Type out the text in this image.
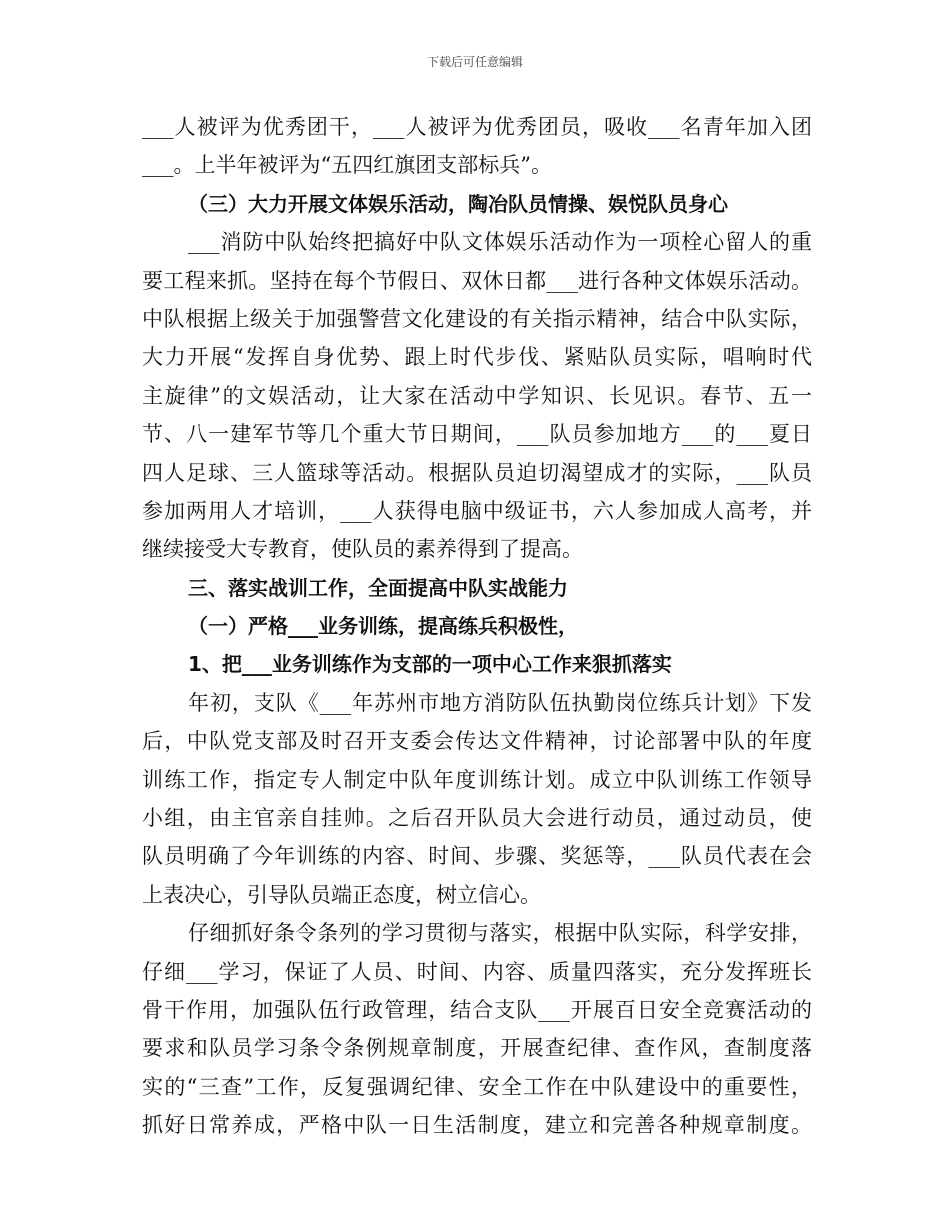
下载后可任意编辑
___人被评为优秀团干，___人被评为优秀团员，吸收___名青年加入团
___。上半年被评为“五四红旗团支部标兵”。
（三）大力开展文体娱乐活动，陶冶队员情操、娱悦队员身心
___消防中队始终把搞好中队文体娱乐活动作为一项栓心留人的重
要工程来抓。坚持在每个节假日、双休日都___进行各种文体娱乐活动。
中队根据上级关于加强警营文化建设的有关指示精神，结合中队实际，
大力开展“发挥自身优势、跟上时代步伐、紧贴队员实际，唱响时代
主旋律”的文娱活动，让大家在活动中学知识、长见识。春节、五一
节、八一建军节等几个重大节日期间，___队员参加地方___的___夏日
四人足球、三人篮球等活动。根据队员迫切渴望成才的实际，___队员
参加两用人才培训，___人获得电脑中级证书，六人参加成人高考，并
继续接受大专教育，使队员的素养得到了提高。
三、落实战训工作，全面提高中队实战能力
（一）严格___业务训练，提高练兵积极性，
1、把___业务训练作为支部的一项中心工作来狠抓落实
年初，支队《___年苏州市地方消防队伍执勤岗位练兵计划》下发
后，中队党支部及时召开支委会传达文件精神，讨论部署中队的年度
训练工作，指定专人制定中队年度训练计划。成立中队训练工作领导
小组，由主官亲自挂帅。之后召开队员大会进行动员，通过动员，使
队员明确了今年训练的内容、时间、步骤、奖惩等，___队员代表在会
上表决心，引导队员端正态度，树立信心。
仔细抓好条令条列的学习贯彻与落实，根据中队实际，科学安排，
仔细___学习，保证了人员、时间、内容、质量四落实，充分发挥班长
骨干作用，加强队伍行政管理，结合支队___开展百日安全竞赛活动的
要求和队员学习条令条例规章制度，开展查纪律、查作风，查制度落
实的“三查”工作，反复强调纪律、安全工作在中队建设中的重要性，
抓好日常养成，严格中队一日生活制度，建立和完善各种规章制度。
